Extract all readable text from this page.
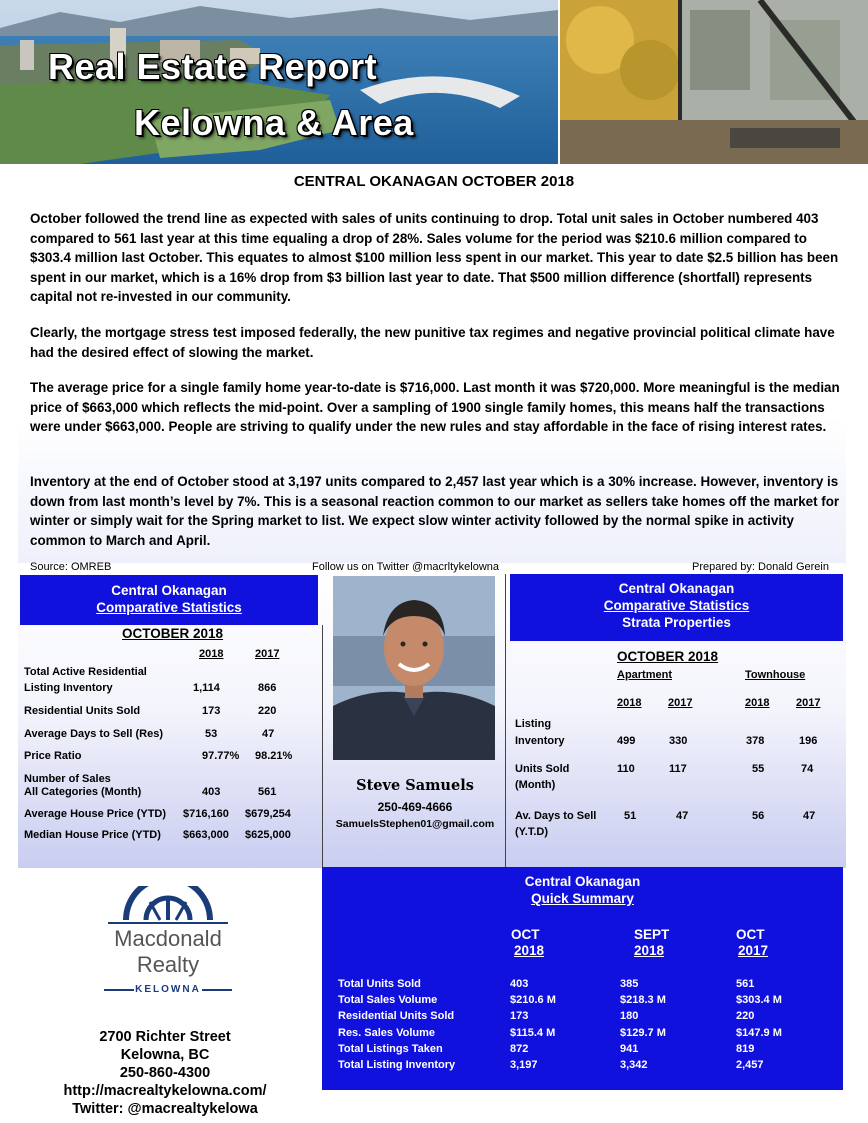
Real Estate Report
Kelowna & Area
CENTRAL OKANAGAN OCTOBER 2018

October followed the trend line as expected with sales of units continuing to drop. Total unit sales in October numbered 403 compared to 561 last year at this time equaling a drop of 28%. Sales volume for the period was $210.6 million compared to $303.4 million last October. This equates to almost $100 million less spent in our market. This year to date $2.5 billion has been spent in our market, which is a 16% drop from $3 billion last year to date. That $500 million difference (shortfall) represents capital not re-invested in our community.

Clearly, the mortgage stress test imposed federally, the new punitive tax regimes and negative provincial political climate have had the desired effect of slowing the market.

The average price for a single family home year-to-date is $716,000. Last month it was $720,000. More meaningful is the median price of $663,000 which reflects the mid-point. Over a sampling of 1900 single family homes, this means half the transactions were under $663,000. People are striving to qualify under the new rules and stay affordable in the face of rising interest rates.

Inventory at the end of October stood at 3,197 units compared to 2,457 last year which is a 30% increase. However, inventory is down from last month’s level by 7%. This is a seasonal reaction common to our market as sellers take homes off the market for winter or simply wait for the Spring market to list. We expect slow winter activity followed by the normal spike in activity common to March and April.

Source: OMREB	Follow us on Twitter @macrltykelowna	Prepared by: Donald Gerein
Central Okanagan
Comparative Statistics
OCTOBER 2018
2018	2017
Total Active Residential
Listing Inventory	1,114	866
Residential Units Sold	173	220
Average Days to Sell (Res)	53	47
Price Ratio	97.77% 98.21%
Number of Sales
All Categories (Month)	403	561
Average House Price (YTD) $716,160 $679,254
Median House Price (YTD) $663,000 $625,000
Steve Samuels
250-469-4666
SamuelsStephen01@gmail.com
Central Okanagan
Comparative Statistics
Strata Properties
OCTOBER 2018
Apartment	Townhouse
2018 2017	2018 2017
Listing
Inventory	499	330	378	196
Units Sold
(Month)
110	117	55	74
Av. Days to Sell
(Y.T.D)
51	47	56	47
Macdonald
Realty
KELOWNA
2700 Richter Street
Kelowna, BC
250-860-4300
http://macrealtykelowna.com/
Twitter: @macrealtykelowa
Central Okanagan
Quick Summary
OCT
2018
SEPT
2018
OCT
2017
Total Units Sold	403	385	561
Total Sales Volume	$210.6 M	$218.3 M	$303.4 M
Residential Units Sold	173	180	220
Res. Sales Volume	$115.4 M	$129.7 M	$147.9 M
Total Listings Taken	872	941	819
Total Listing Inventory	3,197	3,342	2,457
